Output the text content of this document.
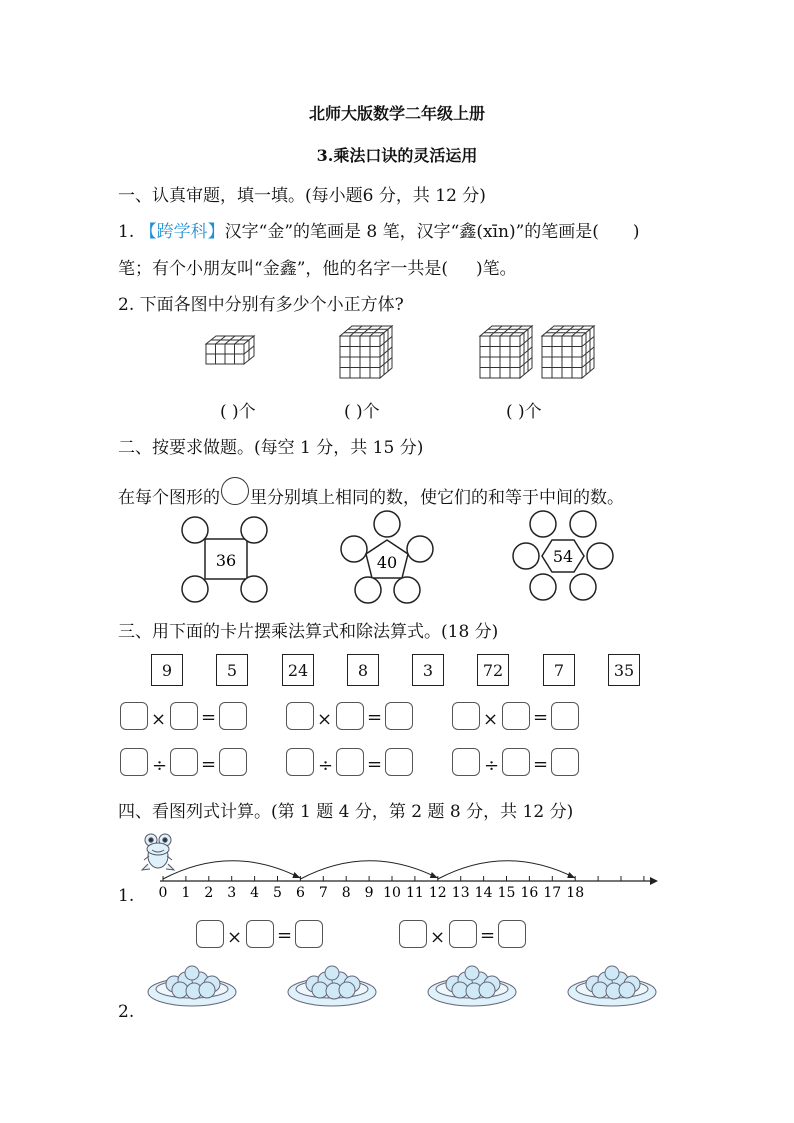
北师大版数学二年级上册
3.乘法口诀的灵活运用
一、认真审题，填一填。(每小题6 分，共 12 分)
1. 【跨学科】汉字“金”的笔画是 8 笔，汉字“鑫(xīn)”的笔画是( )
笔；有个小朋友叫“金鑫”，他的名字一共是( )笔。
2. 下面各图中分别有多少个小正方体?
( )个	( )个	( )个
二、按要求做题。(每空 1 分，共 15 分)
在每个图形的 里分别填上相同的数，使它们的和等于中间的数。
36	40	54
三、用下面的卡片摆乘法算式和除法算式。(18 分)
9	5	24	8	3	72	7	35
× =	× =	× =
÷ =	÷ =	÷ =
四、看图列式计算。(第 1 题 4 分，第 2 题 8 分，共 12 分)
1. 0 1 2 3 4 5 6 7 8 9 10 11 12 13 14 15 16 17 18
× =	× =
2.
